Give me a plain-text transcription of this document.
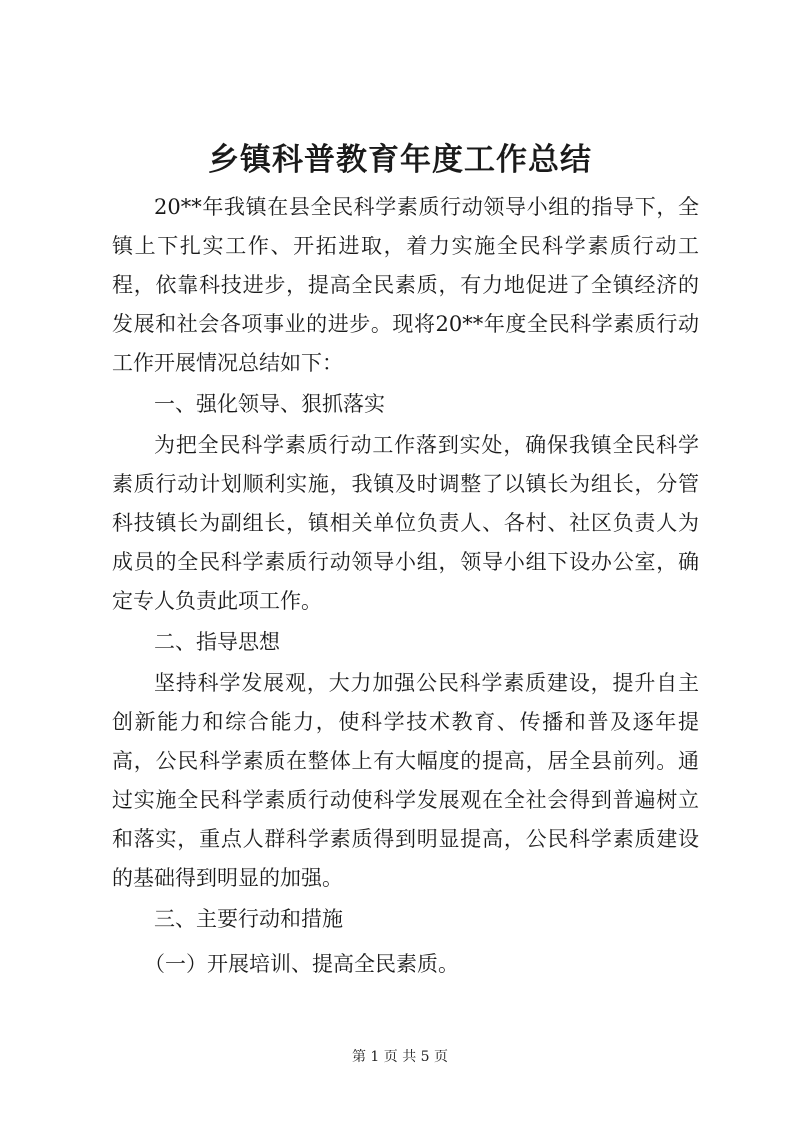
乡镇科普教育年度工作总结

20**年我镇在县全民科学素质行动领导小组的指导下，全镇上下扎实工作、开拓进取，着力实施全民科学素质行动工程，依靠科技进步，提高全民素质，有力地促进了全镇经济的发展和社会各项事业的进步。现将20**年度全民科学素质行动工作开展情况总结如下：

一、强化领导、狠抓落实

为把全民科学素质行动工作落到实处，确保我镇全民科学素质行动计划顺利实施，我镇及时调整了以镇长为组长，分管科技镇长为副组长，镇相关单位负责人、各村、社区负责人为成员的全民科学素质行动领导小组，领导小组下设办公室，确定专人负责此项工作。

二、指导思想

坚持科学发展观，大力加强公民科学素质建设，提升自主创新能力和综合能力，使科学技术教育、传播和普及逐年提高，公民科学素质在整体上有大幅度的提高，居全县前列。通过实施全民科学素质行动使科学发展观在全社会得到普遍树立和落实，重点人群科学素质得到明显提高，公民科学素质建设的基础得到明显的加强。

三、主要行动和措施

（一）开展培训、提高全民素质。

第 1 页 共 5 页
